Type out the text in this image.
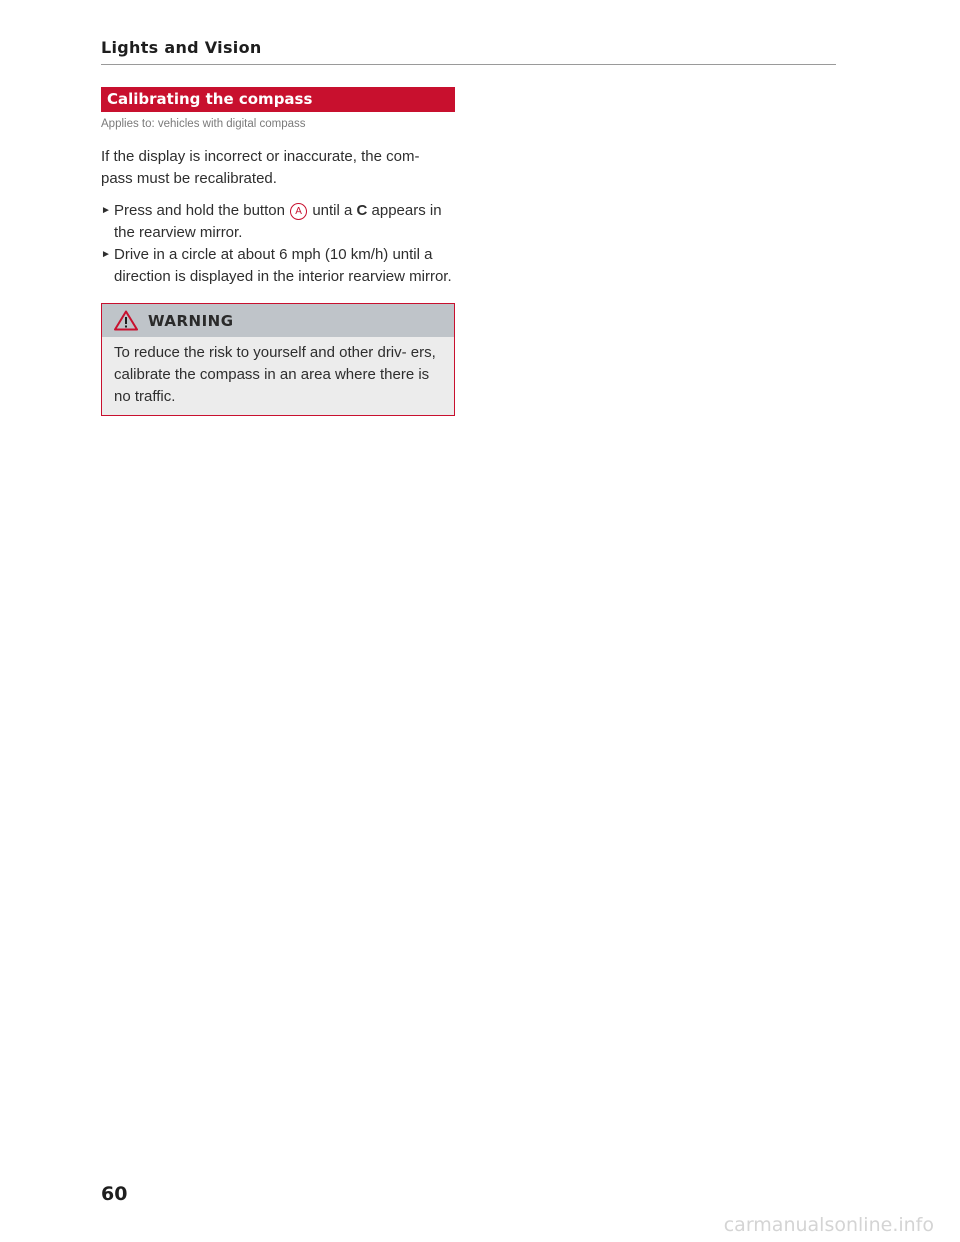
Lights and Vision
Calibrating the compass
Applies to: vehicles with digital compass
If the display is incorrect or inaccurate, the com- pass must be recalibrated.
► Press and hold the button A until a C appears in the rearview mirror.
► Drive in a circle at about 6 mph (10 km/h) until a direction is displayed in the interior rearview mirror.
WARNING
To reduce the risk to yourself and other driv- ers, calibrate the compass in an area where there is no traffic.
60
carmanualsonline.info
